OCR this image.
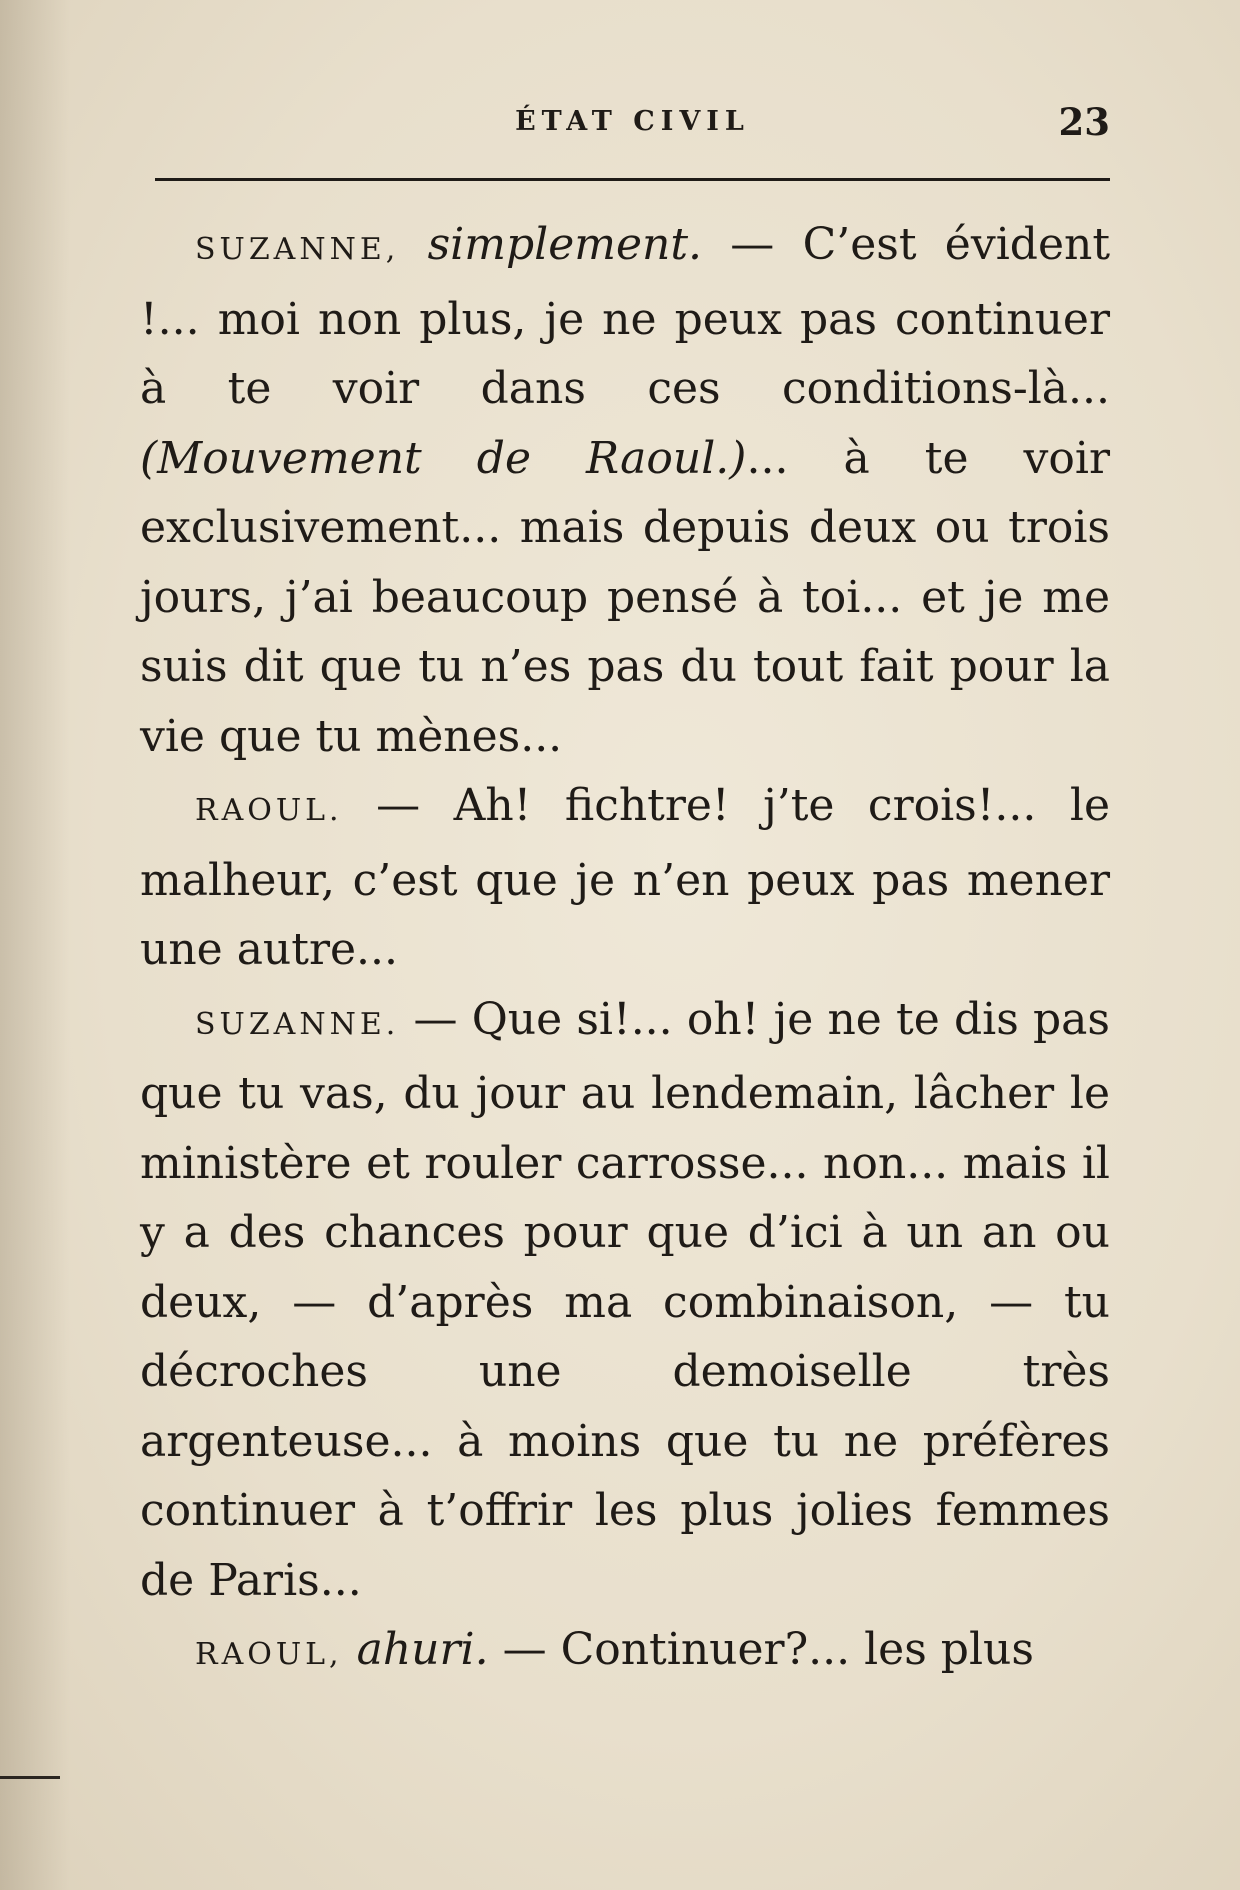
ÉTAT CIVIL	23

SUZANNE, simplement. — C’est évident !... moi non plus, je ne peux pas continuer à te voir dans ces conditions-là... (Mouvement de Raoul.)... à te voir exclusivement... mais depuis deux ou trois jours, j’ai beaucoup pensé à toi... et je me suis dit que tu n’es pas du tout fait pour la vie que tu mènes...

RAOUL. — Ah! fichtre! j’te crois!... le malheur, c’est que je n’en peux pas mener une autre...

SUZANNE. — Que si!... oh! je ne te dis pas que tu vas, du jour au lendemain, lâcher le ministère et rouler carrosse... non... mais il y a des chances pour que d’ici à un an ou deux, — d’après ma combinaison, — tu décroches une demoiselle très argenteuse... à moins que tu ne préfères continuer à t’offrir les plus jolies femmes de Paris...

RAOUL, ahuri. — Continuer?... les plus
